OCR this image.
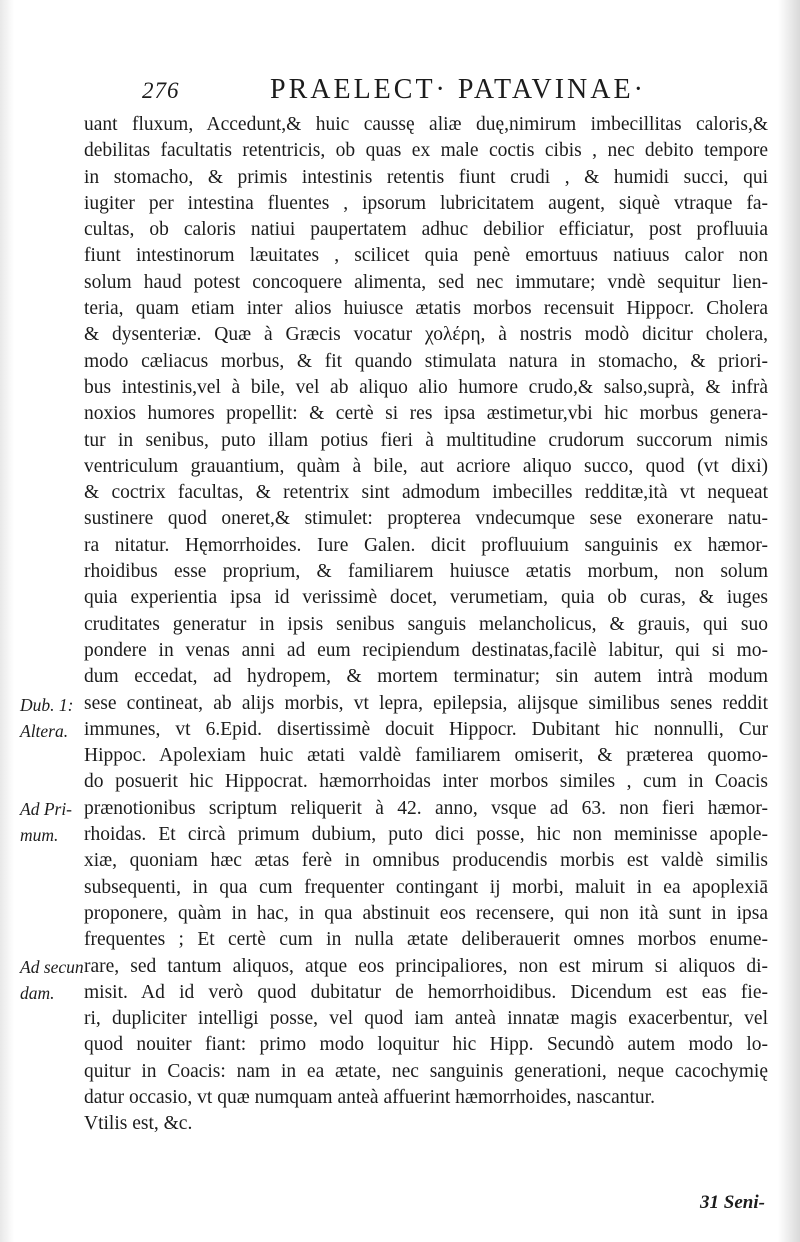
276	PRAELECT· PATAVINAE·
uant fluxum, Accedunt,& huic caussę aliæ duę,nimirum imbecillitas caloris,&
debilitas facultatis retentricis, ob quas ex male coctis cibis , nec debito tempore
in stomacho, & primis intestinis retentis fiunt crudi , & humidi succi, qui
iugiter per intestina fluentes , ipsorum lubricitatem augent, siquè vtraque fa-
cultas, ob caloris natiui paupertatem adhuc debilior efficiatur, post profluuia
fiunt intestinorum læuitates , scilicet quia penè emortuus natiuus calor non
solum haud potest concoquere alimenta, sed nec immutare; vndè sequitur lien-
teria, quam etiam inter alios huiusce ætatis morbos recensuit Hippocr. Cholera
& dysenteriæ. Quæ à Græcis vocatur χολέρη, à nostris modò dicitur cholera,
modo cæliacus morbus, & fit quando stimulata natura in stomacho, & priori-
bus intestinis,vel à bile, vel ab aliquo alio humore crudo,& salso,suprà, & infrà
noxios humores propellit: & certè si res ipsa æstimetur,vbi hic morbus genera-
tur in senibus, puto illam potius fieri à multitudine crudorum succorum nimis
ventriculum grauantium, quàm à bile, aut acriore aliquo succo, quod (vt dixi)
& coctrix facultas, & retentrix sint admodum imbecilles redditæ,ità vt nequeat
sustinere quod oneret,& stimulet: propterea vndecumque sese exonerare natu-
ra nitatur. Hęmorrhoides. Iure Galen. dicit profluuium sanguinis ex hæmor-
rhoidibus esse proprium, & familiarem huiusce ætatis morbum, non solum
quia experientia ipsa id verissimè docet, verumetiam, quia ob curas, & iuges
cruditates generatur in ipsis senibus sanguis melancholicus, & grauis, qui suo
pondere in venas anni ad eum recipiendum destinatas,facilè labitur, qui si mo-
dum eccedat, ad hydropem, & mortem terminatur; sin autem intrà modum
sese contineat, ab alijs morbis, vt lepra, epilepsia, alijsque similibus senes reddit
immunes, vt 6.Epid. disertissimè docuit Hippocr. Dubitant hic nonnulli, Cur
Hippoc. Apolexiam huic ætati valdè familiarem omiserit, & præterea quomo-
do posuerit hic Hippocrat. hæmorrhoidas inter morbos similes , cum in Coacis
prænotionibus scriptum reliquerit à 42. anno, vsque ad 63. non fieri hæmor-
rhoidas. Et circà primum dubium, puto dici posse, hic non meminisse apople-
xiæ, quoniam hæc ætas ferè in omnibus producendis morbis est valdè similis
subsequenti, in qua cum frequenter contingant ij morbi, maluit in ea apoplexiā
proponere, quàm in hac, in qua abstinuit eos recensere, qui non ità sunt in ipsa
frequentes ; Et certè cum in nulla ætate deliberauerit omnes morbos enume-
rare, sed tantum aliquos, atque eos principaliores, non est mirum si aliquos di-
misit. Ad id verò quod dubitatur de hemorrhoidibus. Dicendum est eas fie-
ri, dupliciter intelligi posse, vel quod iam anteà innatæ magis exacerbentur, vel
quod nouiter fiant: primo modo loquitur hic Hipp. Secundò autem modo lo-
quitur in Coacis: nam in ea ætate, nec sanguinis generationi, neque cacochymię
datur occasio, vt quæ numquam anteà affuerint hæmorrhoides, nascantur.
Vtilis est, &c.
Dub. 1:
Altera.
Ad Pri-
mum.
Ad secun
dam.
31 Seni-
